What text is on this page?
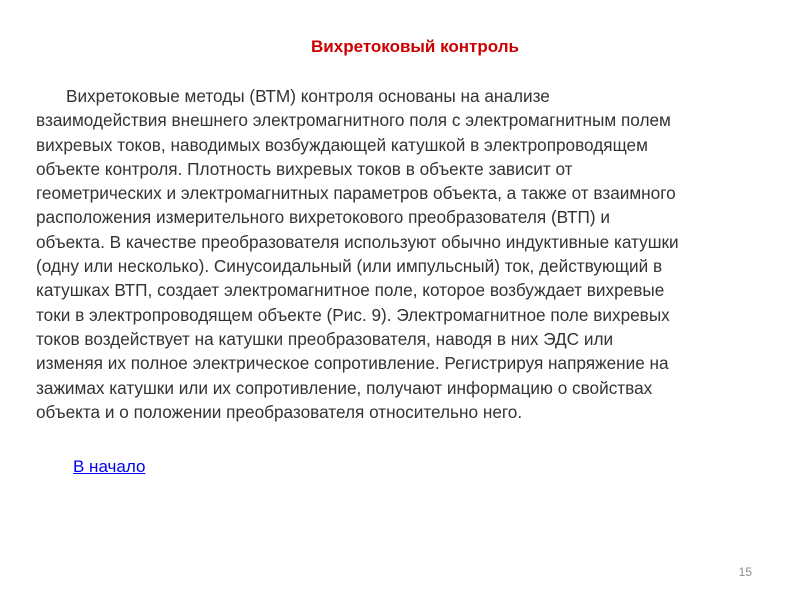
Вихретоковый контроль
Вихретоковые методы (ВТМ) контроля основаны на анализе
взаимодействия внешнего электромагнитного поля с электромагнитным полем
вихревых токов, наводимых возбуждающей катушкой в электропроводящем
объекте контроля. Плотность вихревых токов в объекте зависит от
геометрических и электромагнитных параметров объекта, а также от взаимного
расположения измерительного вихретокового преобразователя (ВТП) и
объекта. В качестве преобразователя используют обычно индуктивные катушки
(одну или несколько). Синусоидальный (или импульсный) ток, действующий в
катушках ВТП, создает электромагнитное поле, которое возбуждает вихревые
токи в электропроводящем объекте (Рис. 9). Электромагнитное поле вихревых
токов воздействует на катушки преобразователя, наводя в них ЭДС или
изменяя их полное электрическое сопротивление. Регистрируя напряжение на
зажимах катушки или их сопротивление, получают информацию о свойствах
объекта и о положении преобразователя относительно него.
В начало
15
